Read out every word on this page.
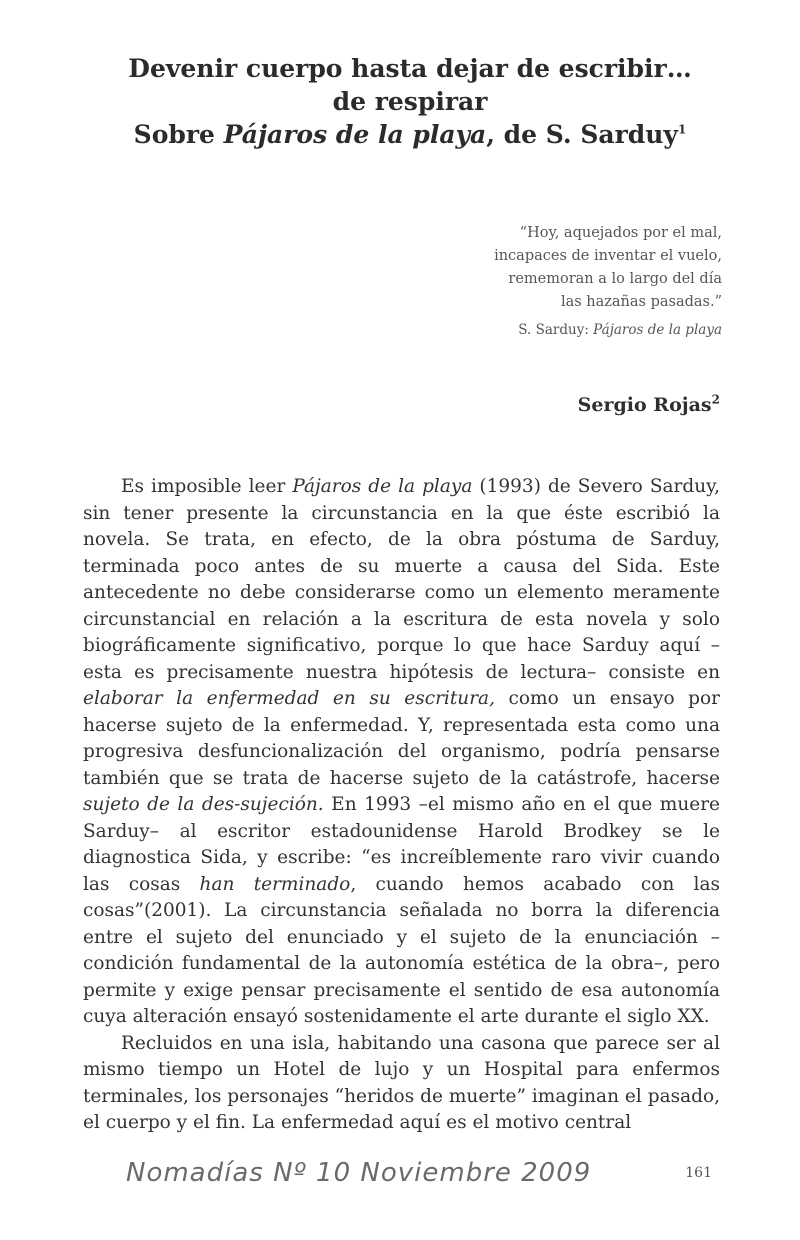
Devenir cuerpo hasta dejar de escribir…
de respirar
Sobre Pájaros de la playa, de S. Sarduy$^1$
“Hoy, aquejados por el mal,
incapaces de inventar el vuelo,
rememoran a lo largo del día
las hazañas pasadas.”
S. Sarduy: Pájaros de la playa
Sergio Rojas$^2$

Es imposible leer Pájaros de la playa (1993) de Severo Sarduy, sin tener presente la circunstancia en la que éste escribió la novela. Se trata, en efecto, de la obra póstuma de Sarduy, terminada poco antes de su muerte a causa del Sida. Este antecedente no debe considerarse como un elemento meramente circunstancial en relación a la escritura de esta novela y solo biográficamente significativo, porque lo que hace Sarduy aquí –esta es precisamente nuestra hipótesis de lectura– consiste en elaborar la enfermedad en su escritura, como un ensayo por hacerse sujeto de la enfermedad. Y, representada esta como una progresiva desfuncionalización del organismo, podría pensarse también que se trata de hacerse sujeto de la catástrofe, hacerse sujeto de la des-sujeción. En 1993 –el mismo año en el que muere Sarduy– al escritor estadounidense Harold Brodkey se le diagnostica Sida, y escribe: “es increíblemente raro vivir cuando las cosas han terminado, cuando hemos acabado con las cosas”(2001). La circunstancia señalada no borra la diferencia entre el sujeto del enunciado y el sujeto de la enunciación –condición fundamental de la autonomía estética de la obra–, pero permite y exige pensar precisamente el sentido de esa autonomía cuya alteración ensayó sostenidamente el arte durante el siglo XX.

Recluidos en una isla, habitando una casona que parece ser al mismo tiempo un Hotel de lujo y un Hospital para enfermos terminales, los personajes “heridos de muerte” imaginan el pasado, el cuerpo y el fin. La enfermedad aquí es el motivo central

Nomadías Nº 10 Noviembre 2009	161
